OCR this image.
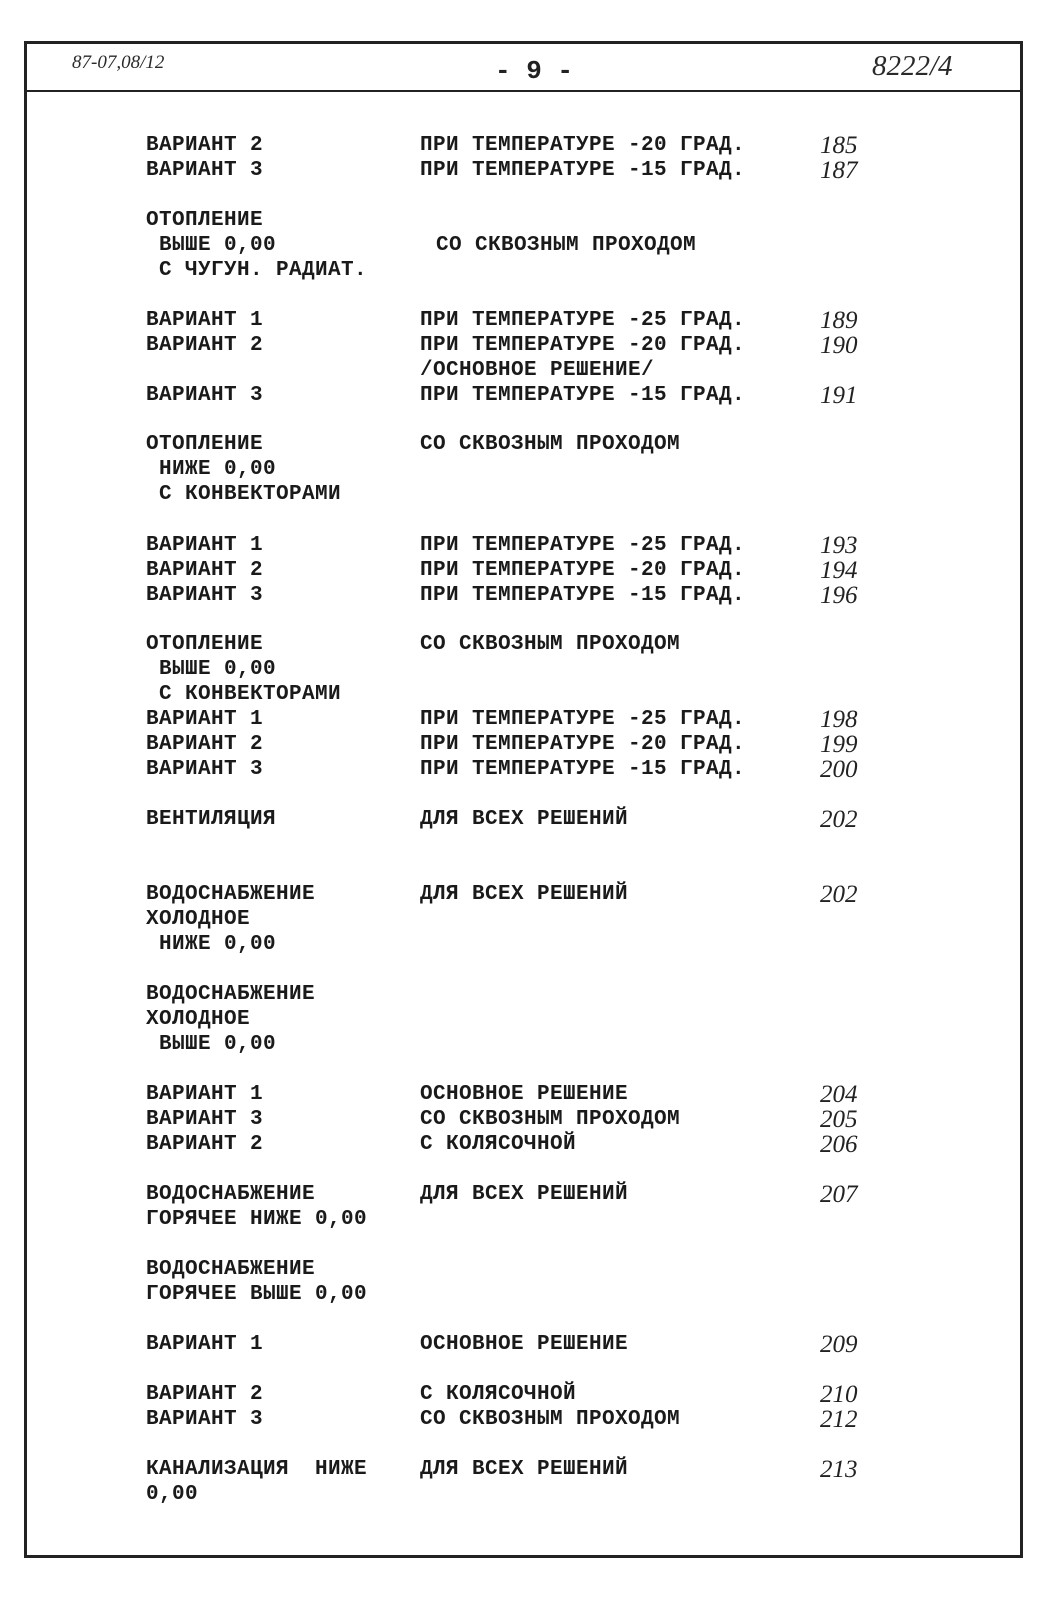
87-07,08/12	- 9 -	8222/4
ВАРИАНТ 2	ПРИ ТЕМПЕРАТУРЕ -20 ГРАД.	185
ВАРИАНТ 3	ПРИ ТЕМПЕРАТУРЕ -15 ГРАД.	187
ОТОПЛЕНИЕ
ВЫШЕ 0,00	СО СКВОЗНЫМ ПРОХОДОМ
С ЧУГУН. РАДИАТ.
ВАРИАНТ 1	ПРИ ТЕМПЕРАТУРЕ -25 ГРАД.	189
ВАРИАНТ 2	ПРИ ТЕМПЕРАТУРЕ -20 ГРАД.	190
/ОСНОВНОЕ РЕШЕНИЕ/
ВАРИАНТ 3	ПРИ ТЕМПЕРАТУРЕ -15 ГРАД.	191
ОТОПЛЕНИЕ	СО СКВОЗНЫМ ПРОХОДОМ
НИЖЕ 0,00
С КОНВЕКТОРАМИ
ВАРИАНТ 1	ПРИ ТЕМПЕРАТУРЕ -25 ГРАД.	193
ВАРИАНТ 2	ПРИ ТЕМПЕРАТУРЕ -20 ГРАД.	194
ВАРИАНТ 3	ПРИ ТЕМПЕРАТУРЕ -15 ГРАД.	196
ОТОПЛЕНИЕ	СО СКВОЗНЫМ ПРОХОДОМ
ВЫШЕ 0,00
С КОНВЕКТОРАМИ
ВАРИАНТ 1	ПРИ ТЕМПЕРАТУРЕ -25 ГРАД.	198
ВАРИАНТ 2	ПРИ ТЕМПЕРАТУРЕ -20 ГРАД.	199
ВАРИАНТ 3	ПРИ ТЕМПЕРАТУРЕ -15 ГРАД.	200
ВЕНТИЛЯЦИЯ	ДЛЯ ВСЕХ РЕШЕНИЙ	202
ВОДОСНАБЖЕНИЕ	ДЛЯ ВСЕХ РЕШЕНИЙ	202
ХОЛОДНОЕ
НИЖЕ 0,00
ВОДОСНАБЖЕНИЕ
ХОЛОДНОЕ
ВЫШЕ 0,00
ВАРИАНТ 1	ОСНОВНОЕ РЕШЕНИЕ	204
ВАРИАНТ 3	СО СКВОЗНЫМ ПРОХОДОМ	205
ВАРИАНТ 2	С КОЛЯСОЧНОЙ	206
ВОДОСНАБЖЕНИЕ	ДЛЯ ВСЕХ РЕШЕНИЙ	207
ГОРЯЧЕЕ НИЖЕ 0,00
ВОДОСНАБЖЕНИЕ
ГОРЯЧЕЕ ВЫШЕ 0,00
ВАРИАНТ 1	ОСНОВНОЕ РЕШЕНИЕ	209
ВАРИАНТ 2	С КОЛЯСОЧНОЙ	210
ВАРИАНТ 3	СО СКВОЗНЫМ ПРОХОДОМ	212
КАНАЛИЗАЦИЯ  НИЖЕ	ДЛЯ ВСЕХ РЕШЕНИЙ	213
0,00
